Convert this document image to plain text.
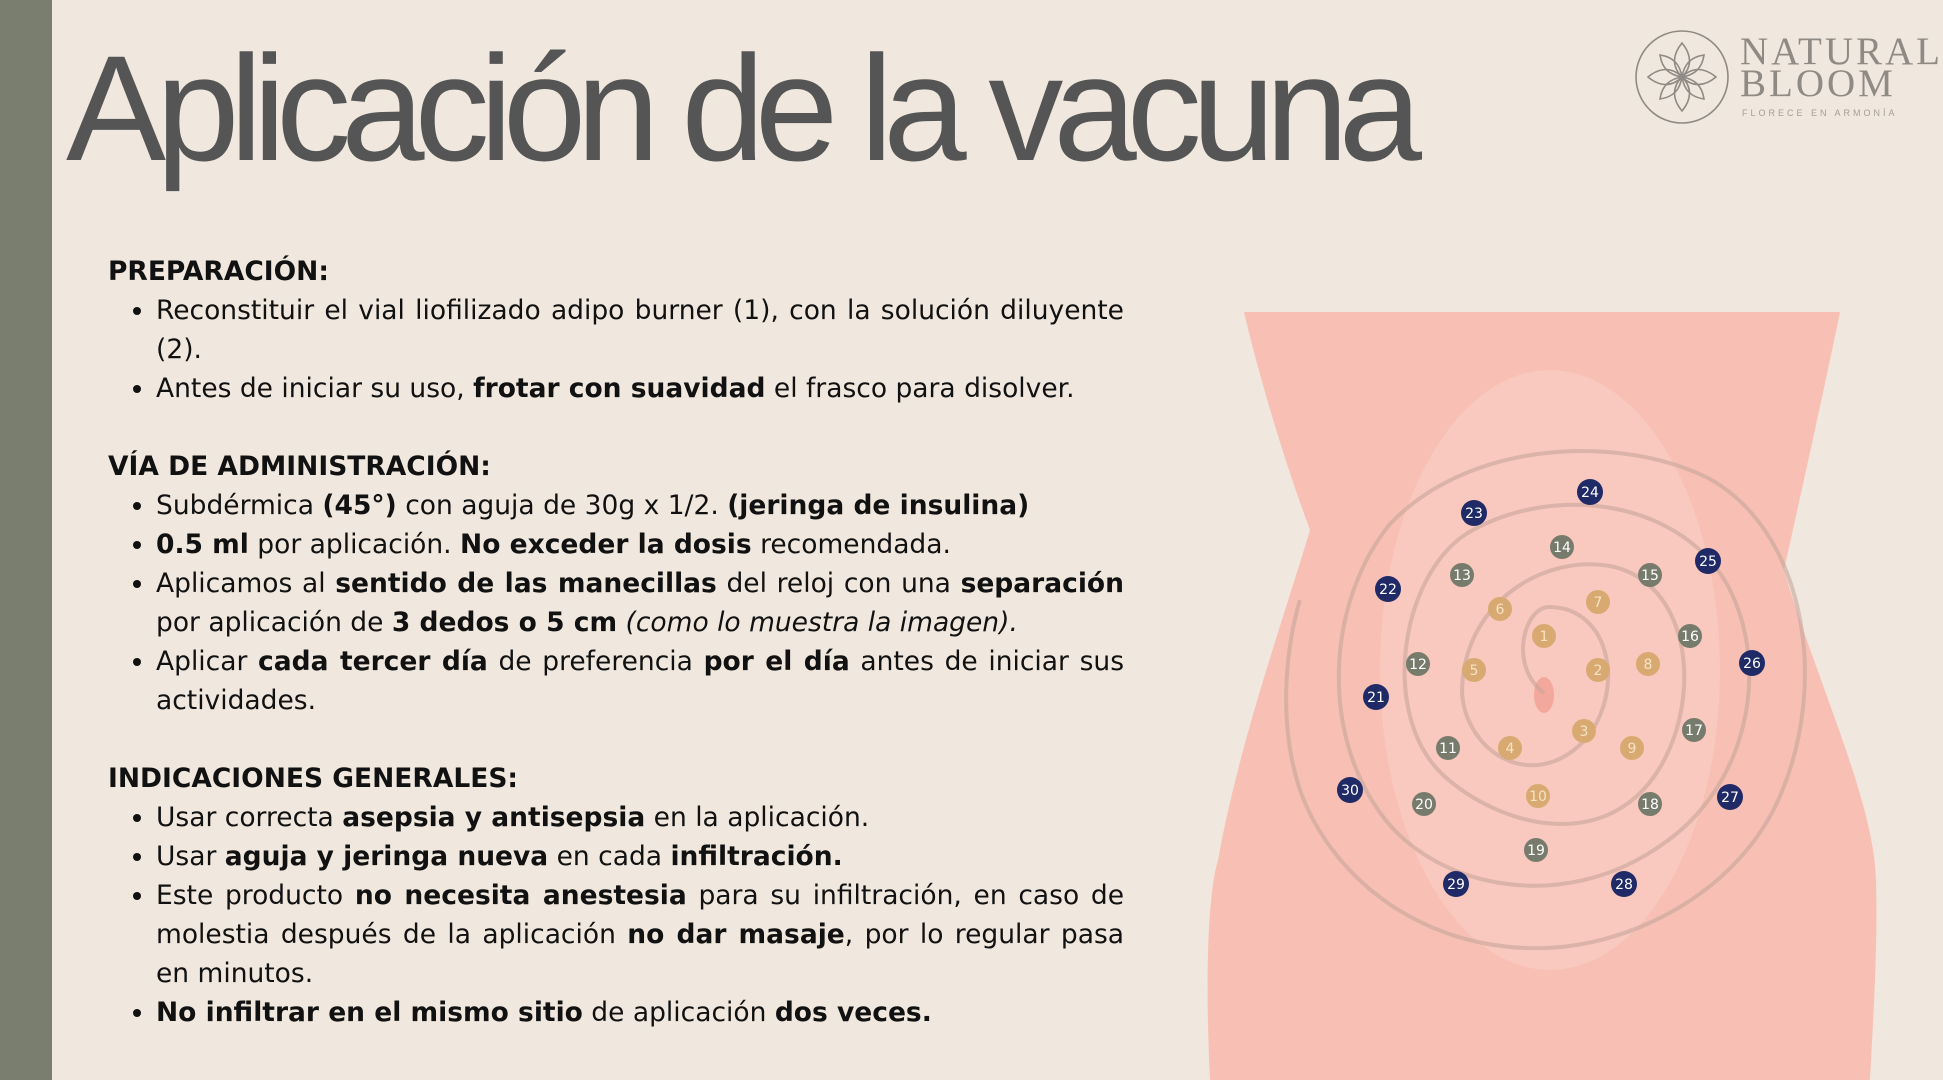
Aplicación de la vacuna	NATURAL
BLOOM
FLORECE EN ARMONÍA

PREPARACIÓN:

• Reconstituir el vial liofilizado adipo burner (1), con la solución diluyente (2).
• Antes de iniciar su uso, frotar con suavidad el frasco para disolver.

VÍA DE ADMINISTRACIÓN:

• Subdérmica (45°) con aguja de 30g x 1/2. (jeringa de insulina)
• 0.5 ml por aplicación. No exceder la dosis recomendada.
• Aplicamos al sentido de las manecillas del reloj con una separación por aplicación de 3 dedos o 5 cm (como lo muestra la imagen).
• Aplicar cada tercer día de preferencia por el día antes de iniciar sus actividades.

INDICACIONES GENERALES:

• Usar correcta asepsia y antisepsia en la aplicación.
• Usar aguja y jeringa nueva en cada infiltración.
• Este producto no necesita anestesia para su infiltración, en caso de molestia después de la aplicación no dar masaje, por lo regular pasa en minutos.
• No infiltrar en el mismo sitio de aplicación dos veces.
1
2
3
4
5
6	7
8
9
10
11
12
13
14
15
16
17
18
19
20
21
22
23
24
25
26
27
28
29
30
